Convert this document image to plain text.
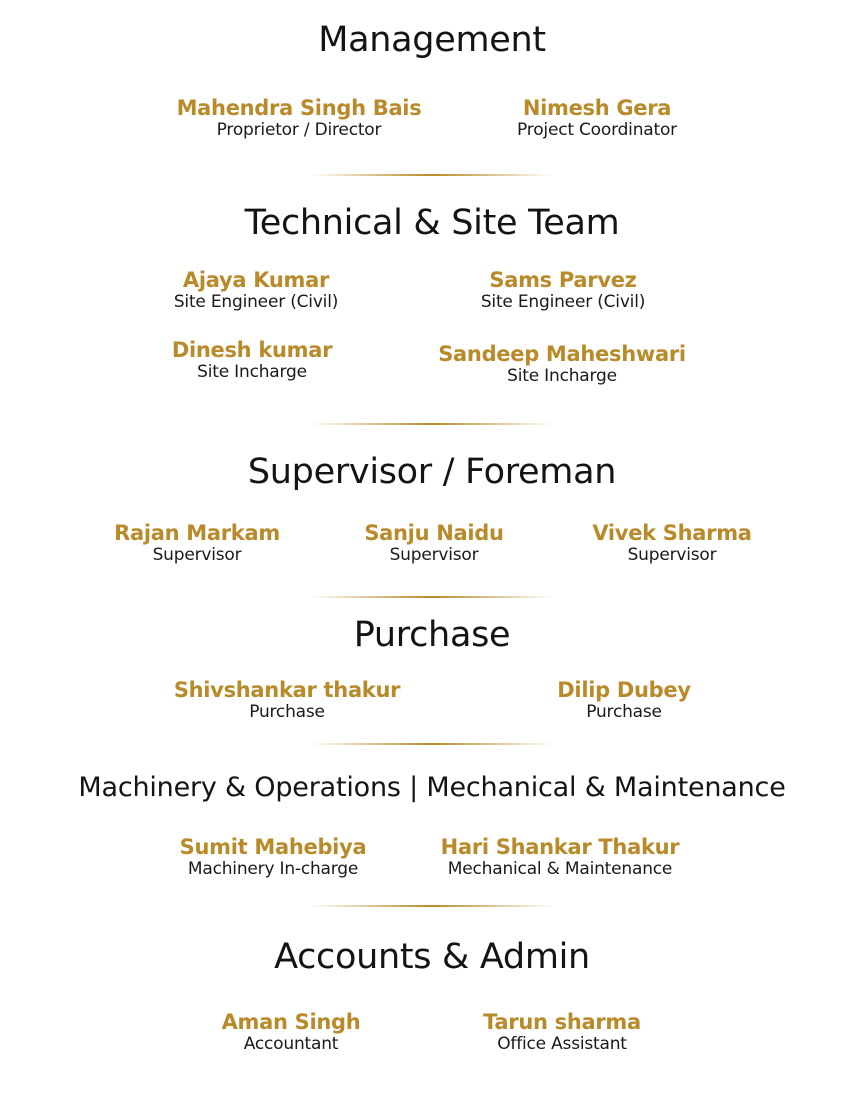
Management
Mahendra Singh Bais
Proprietor / Director
Nimesh Gera
Project Coordinator
Technical & Site Team
Ajaya Kumar
Site Engineer (Civil)
Sams Parvez
Site Engineer (Civil)
Dinesh kumar
Site Incharge
Sandeep Maheshwari
Site Incharge
Supervisor / Foreman
Rajan Markam
Supervisor
Sanju Naidu
Supervisor
Vivek Sharma
Supervisor
Purchase
Shivshankar thakur
Purchase
Dilip Dubey
Purchase
Machinery & Operations | Mechanical & Maintenance
Sumit Mahebiya
Machinery In-charge
Hari Shankar Thakur
Mechanical & Maintenance
Accounts & Admin
Aman Singh
Accountant
Tarun sharma
Office Assistant
